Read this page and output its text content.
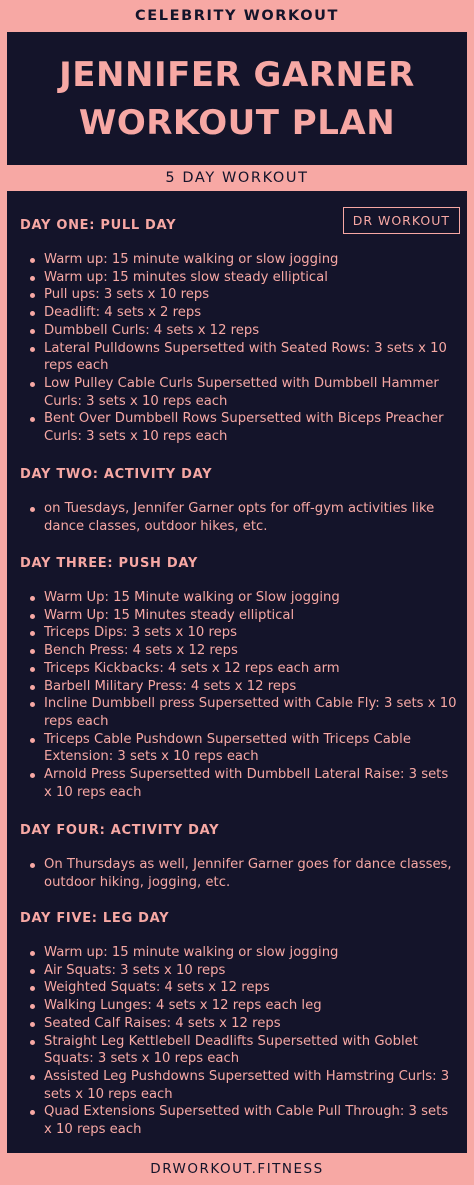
CELEBRITY WORKOUT
JENNIFER GARNER
WORKOUT PLAN
5 DAY WORKOUT
DR WORKOUT
DAY ONE: PULL DAY
Warm up: 15 minute walking or slow jogging
Warm up: 15 minutes slow steady elliptical
Pull ups: 3 sets x 10 reps
Deadlift: 4 sets x 2 reps
Dumbbell Curls: 4 sets x 12 reps
Lateral Pulldowns Supersetted with Seated Rows: 3 sets x 10 reps each
Low Pulley Cable Curls Supersetted with Dumbbell Hammer Curls: 3 sets x 10 reps each
Bent Over Dumbbell Rows Supersetted with Biceps Preacher Curls: 3 sets x 10 reps each
DAY TWO: ACTIVITY DAY
on Tuesdays, Jennifer Garner opts for off-gym activities like dance classes, outdoor hikes, etc.
DAY THREE: PUSH DAY
Warm Up: 15 Minute walking or Slow jogging
Warm Up: 15 Minutes steady elliptical
Triceps Dips: 3 sets x 10 reps
Bench Press: 4 sets x 12 reps
Triceps Kickbacks: 4 sets x 12 reps each arm
Barbell Military Press: 4 sets x 12 reps
Incline Dumbbell press Supersetted with Cable Fly: 3 sets x 10 reps each
Triceps Cable Pushdown Supersetted with Triceps Cable Extension: 3 sets x 10 reps each
Arnold Press Supersetted with Dumbbell Lateral Raise: 3 sets x 10 reps each
DAY FOUR: ACTIVITY DAY
On Thursdays as well, Jennifer Garner goes for dance classes, outdoor hiking, jogging, etc.
DAY FIVE: LEG DAY
Warm up: 15 minute walking or slow jogging
Air Squats: 3 sets x 10 reps
Weighted Squats: 4 sets x 12 reps
Walking Lunges: 4 sets x 12 reps each leg
Seated Calf Raises: 4 sets x 12 reps
Straight Leg Kettlebell Deadlifts Supersetted with Goblet Squats: 3 sets x 10 reps each
Assisted Leg Pushdowns Supersetted with Hamstring Curls: 3 sets x 10 reps each
Quad Extensions Supersetted with Cable Pull Through: 3 sets x 10 reps each
DRWORKOUT.FITNESS
